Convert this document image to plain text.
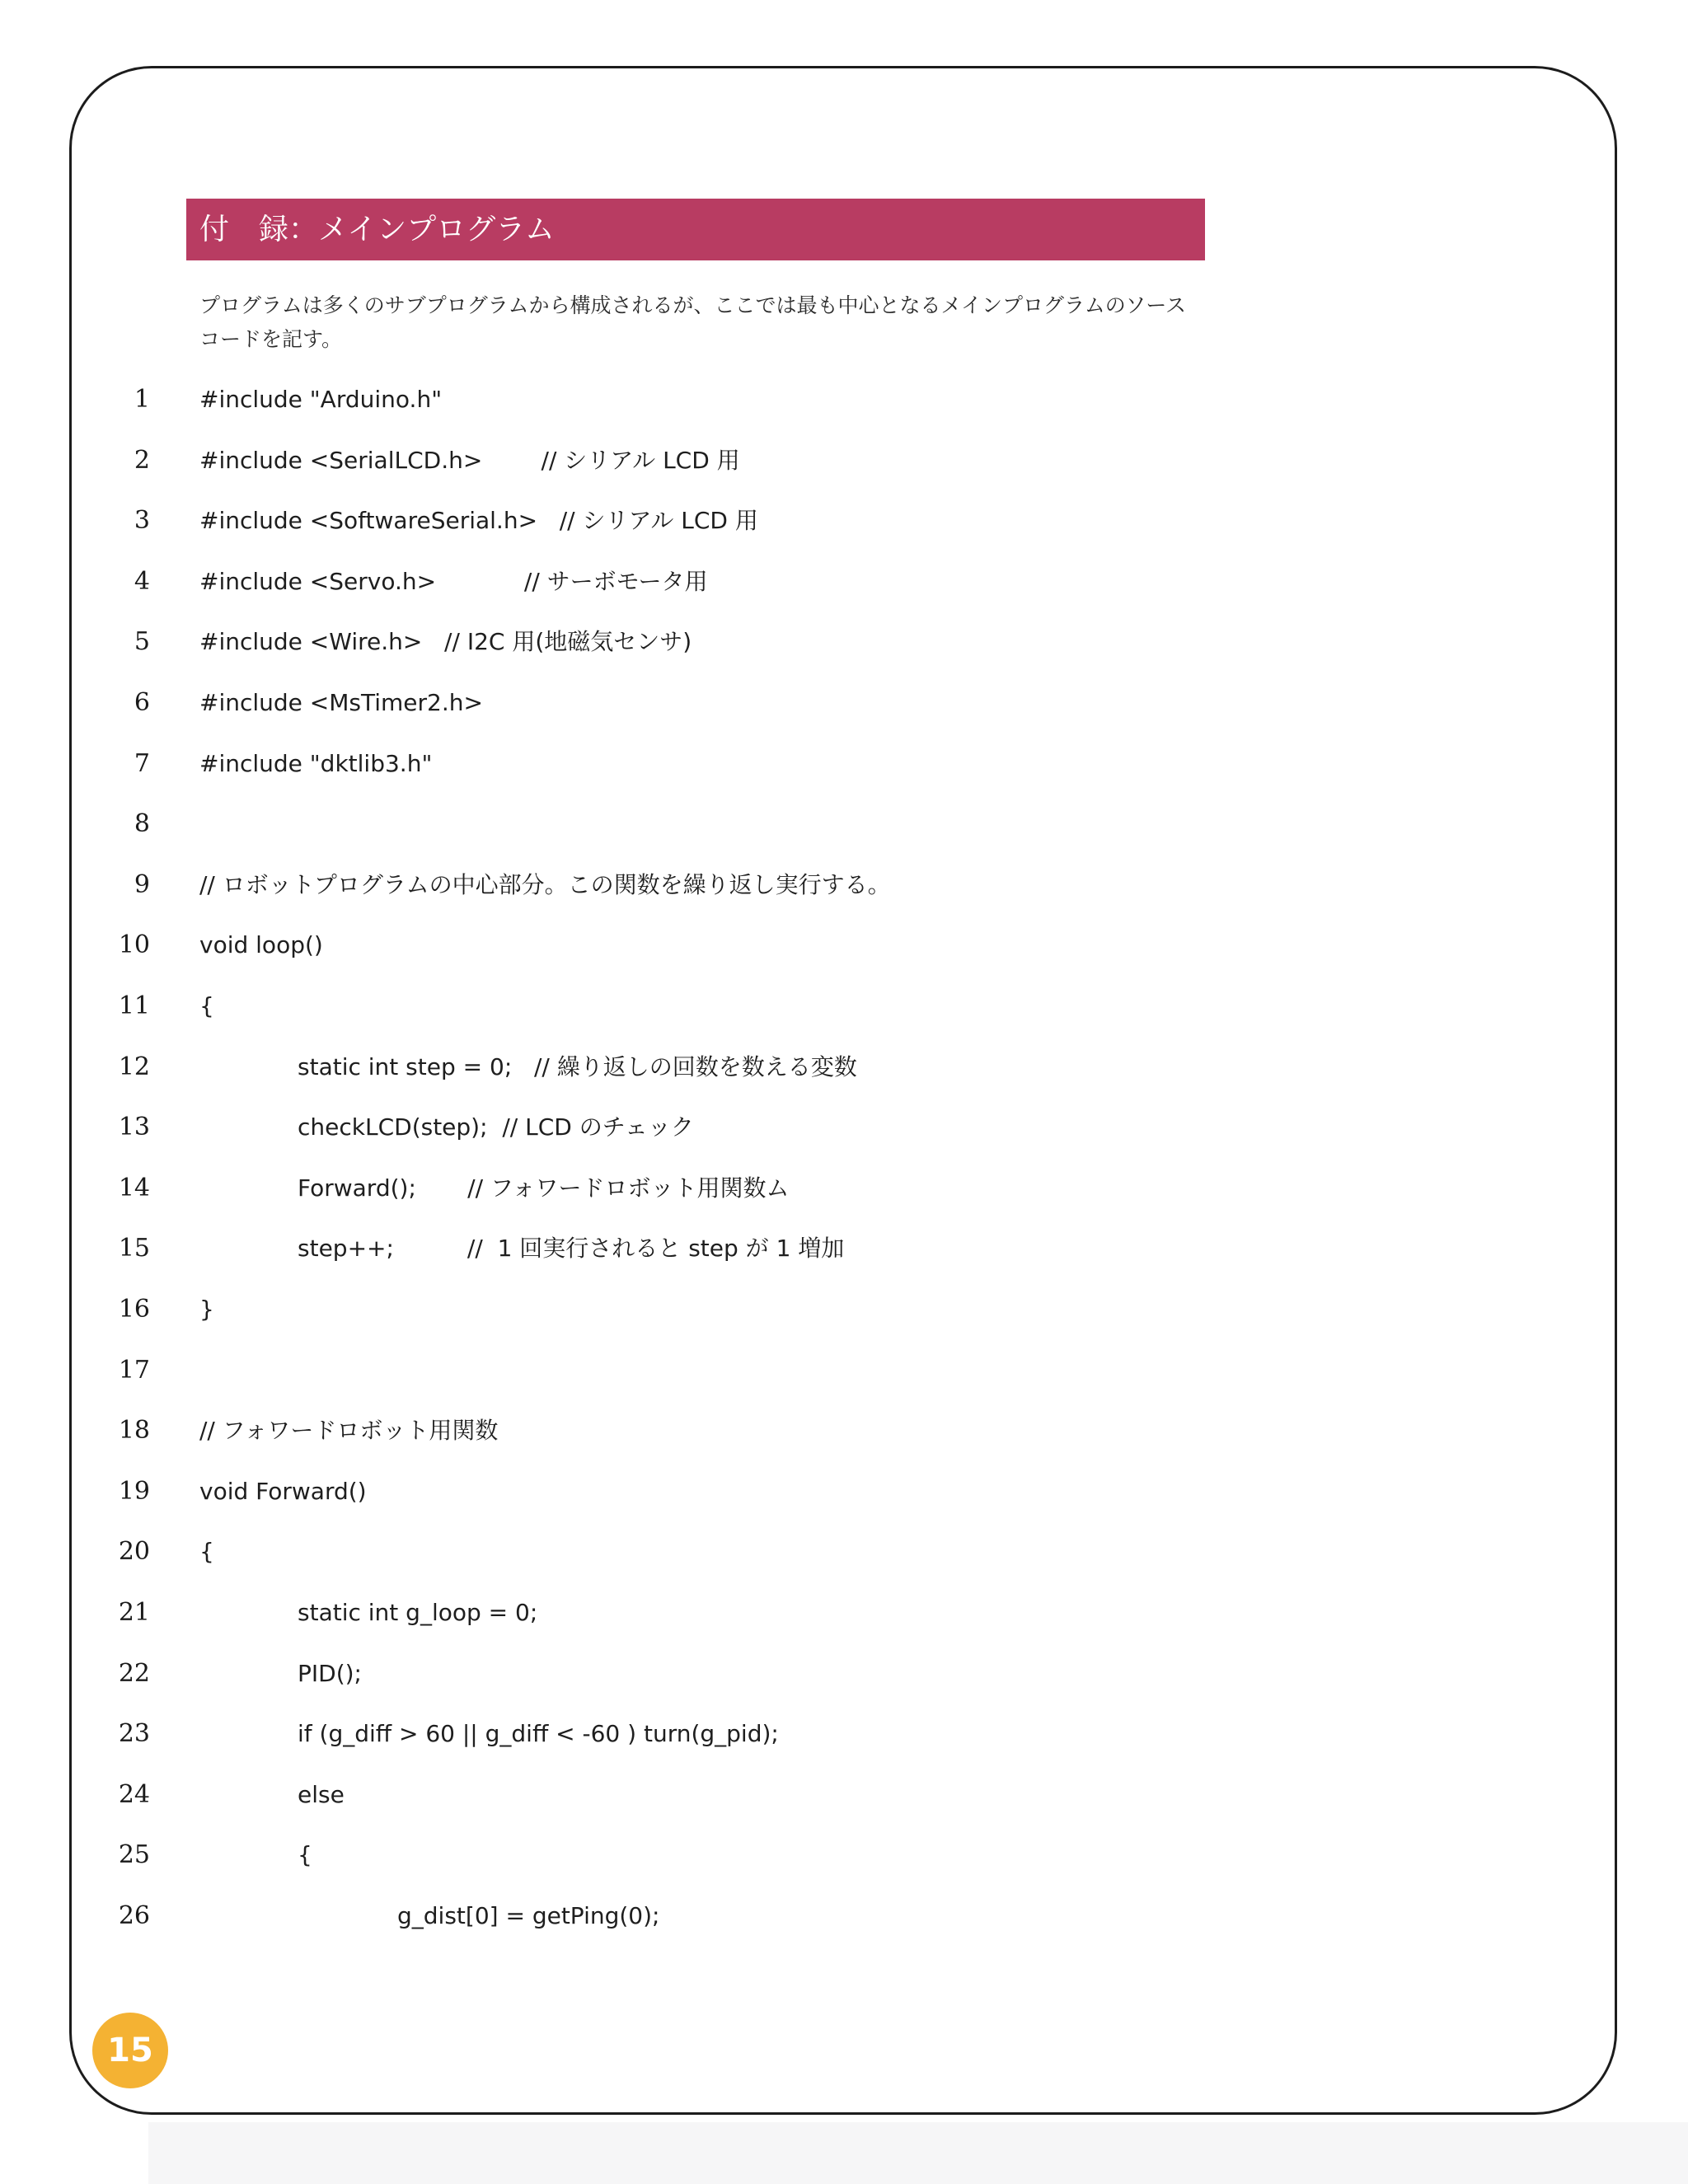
付　録：メインプログラム

プログラムは多くのサブプログラムから構成されるが、ここでは最も中心となるメインプログラムのソースコードを記す。

1 #include "Arduino.h"
2 #include <SerialLCD.h>        // シリアル LCD 用
3 #include <SoftwareSerial.h>   // シリアル LCD 用
4 #include <Servo.h>            // サーボモータ用
5 #include <Wire.h>   // I2C 用(地磁気センサ)
6 #include <MsTimer2.h>
7 #include "dktlib3.h"
8
9 // ロボットプログラムの中心部分。この関数を繰り返し実行する。
10 void loop()
11 {
12	static int step = 0;   // 繰り返しの回数を数える変数
13	checkLCD(step);  // LCD のチェック
14	Forward();       // フォワードロボット用関数ム
15	step++;          //  1 回実行されると step が 1 増加
16 }
17
18 // フォワードロボット用関数
19 void Forward()
20 {
21	static int g_loop = 0;
22	PID();
23	if (g_diff > 60 || g_diff < -60 ) turn(g_pid);
24	else
25	{
26	g_dist[0] = getPing(0);
15
